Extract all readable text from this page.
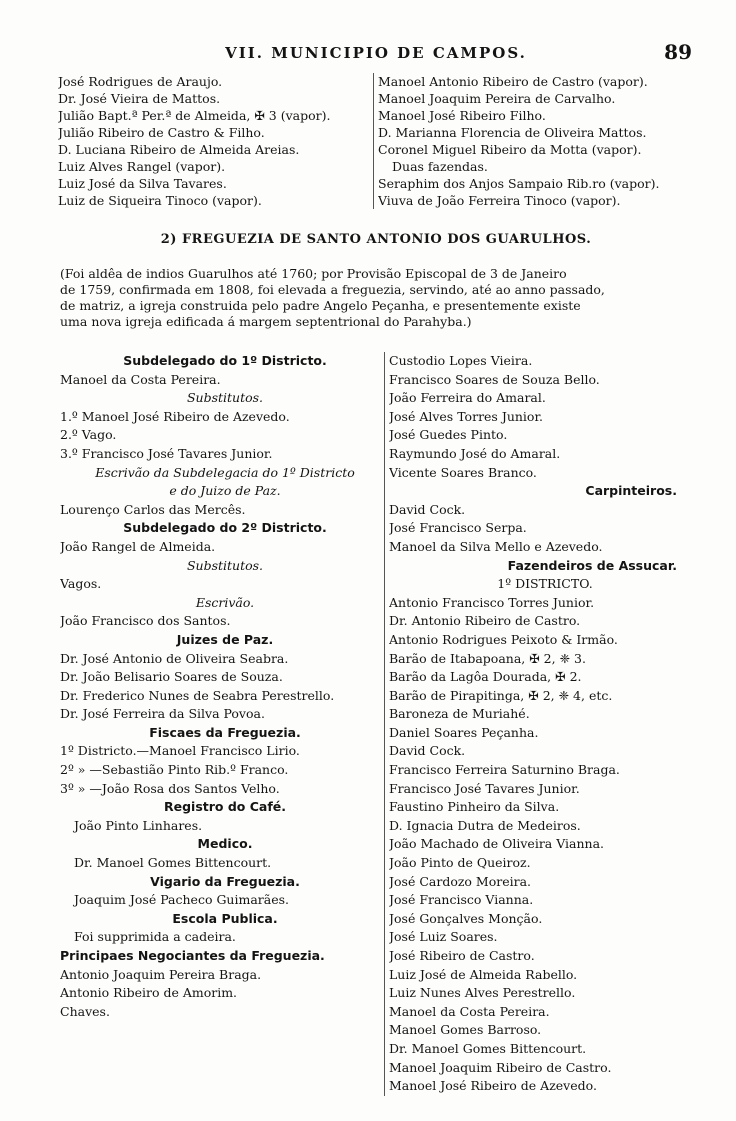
VII. MUNICIPIO DE CAMPOS.	89
José Rodrigues de Araujo.
Dr. José Vieira de Mattos.
Julião Bapt.ª Per.ª de Almeida, ✠ 3 (vapor).
Julião Ribeiro de Castro & Filho.
D. Luciana Ribeiro de Almeida Areias.
Luiz Alves Rangel (vapor).
Luiz José da Silva Tavares.
Luiz de Siqueira Tinoco (vapor).
Manoel Antonio Ribeiro de Castro (vapor).
Manoel Joaquim Pereira de Carvalho.
Manoel José Ribeiro Filho.
D. Marianna Florencia de Oliveira Mattos.
Coronel Miguel Ribeiro da Motta (vapor).
Duas fazendas.
Seraphim dos Anjos Sampaio Rib.ro (vapor).
Viuva de João Ferreira Tinoco (vapor).
2) FREGUEZIA DE SANTO ANTONIO DOS GUARULHOS.
(Foi aldêa de indios Guarulhos até 1760; por Provisão Episcopal de 3 de Janeiro
de 1759, confirmada em 1808, foi elevada a freguezia, servindo, até ao anno passado,
de matriz, a igreja construida pelo padre Angelo Peçanha, e presentemente existe
uma nova igreja edificada á margem septentrional do Parahyba.)
Subdelegado do 1º Districto.
Manoel da Costa Pereira.
Substitutos.
1.º Manoel José Ribeiro de Azevedo.
2.º Vago.
3.º Francisco José Tavares Junior.
Escrivão da Subdelegacia do 1º Districto
e do Juizo de Paz.
Lourenço Carlos das Mercês.
Subdelegado do 2º Districto.
João Rangel de Almeida.
Substitutos.
Vagos.
Escrivão.
João Francisco dos Santos.
Juizes de Paz.
Dr. José Antonio de Oliveira Seabra.
Dr. João Belisario Soares de Souza.
Dr. Frederico Nunes de Seabra Perestrello.
Dr. José Ferreira da Silva Povoa.
Fiscaes da Freguezia.
1º Districto.—Manoel Francisco Lirio.
2º » —Sebastião Pinto Rib.º Franco.
3º » —João Rosa dos Santos Velho.
Registro do Café.
João Pinto Linhares.
Medico.
Dr. Manoel Gomes Bittencourt.
Vigario da Freguezia.
Joaquim José Pacheco Guimarães.
Escola Publica.
Foi supprimida a cadeira.
Principaes Negociantes da Freguezia.
Antonio Joaquim Pereira Braga.
Antonio Ribeiro de Amorim.
Chaves.
Custodio Lopes Vieira.
Francisco Soares de Souza Bello.
João Ferreira do Amaral.
José Alves Torres Junior.
José Guedes Pinto.
Raymundo José do Amaral.
Vicente Soares Branco.
Carpinteiros.
David Cock.
José Francisco Serpa.
Manoel da Silva Mello e Azevedo.
Fazendeiros de Assucar.
1º DISTRICTO.
Antonio Francisco Torres Junior.
Dr. Antonio Ribeiro de Castro.
Antonio Rodrigues Peixoto & Irmão.
Barão de Itabapoana, ✠ 2, ❈ 3.
Barão da Lagôa Dourada, ✠ 2.
Barão de Pirapitinga, ✠ 2, ❈ 4, etc.
Baroneza de Muriahé.
Daniel Soares Peçanha.
David Cock.
Francisco Ferreira Saturnino Braga.
Francisco José Tavares Junior.
Faustino Pinheiro da Silva.
D. Ignacia Dutra de Medeiros.
João Machado de Oliveira Vianna.
João Pinto de Queiroz.
José Cardozo Moreira.
José Francisco Vianna.
José Gonçalves Monção.
José Luiz Soares.
José Ribeiro de Castro.
Luiz José de Almeida Rabello.
Luiz Nunes Alves Perestrello.
Manoel da Costa Pereira.
Manoel Gomes Barroso.
Dr. Manoel Gomes Bittencourt.
Manoel Joaquim Ribeiro de Castro.
Manoel José Ribeiro de Azevedo.
